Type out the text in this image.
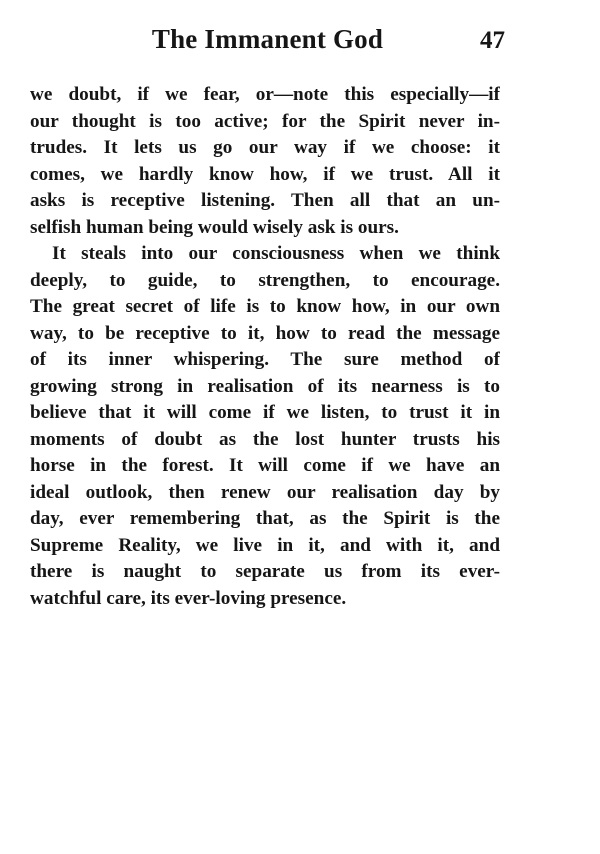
The Immanent God	47
we doubt, if we fear, or—note this especially—if
our thought is too active; for the Spirit never in-
trudes. It lets us go our way if we choose: it
comes, we hardly know how, if we trust. All it
asks is receptive listening. Then all that an un-
selfish human being would wisely ask is ours.
It steals into our consciousness when we think
deeply, to guide, to strengthen, to encourage.
The great secret of life is to know how, in our own
way, to be receptive to it, how to read the message
of its inner whispering. The sure method of
growing strong in realisation of its nearness is to
believe that it will come if we listen, to trust it in
moments of doubt as the lost hunter trusts his
horse in the forest. It will come if we have an
ideal outlook, then renew our realisation day by
day, ever remembering that, as the Spirit is the
Supreme Reality, we live in it, and with it, and
there is naught to separate us from its ever-
watchful care, its ever-loving presence.
